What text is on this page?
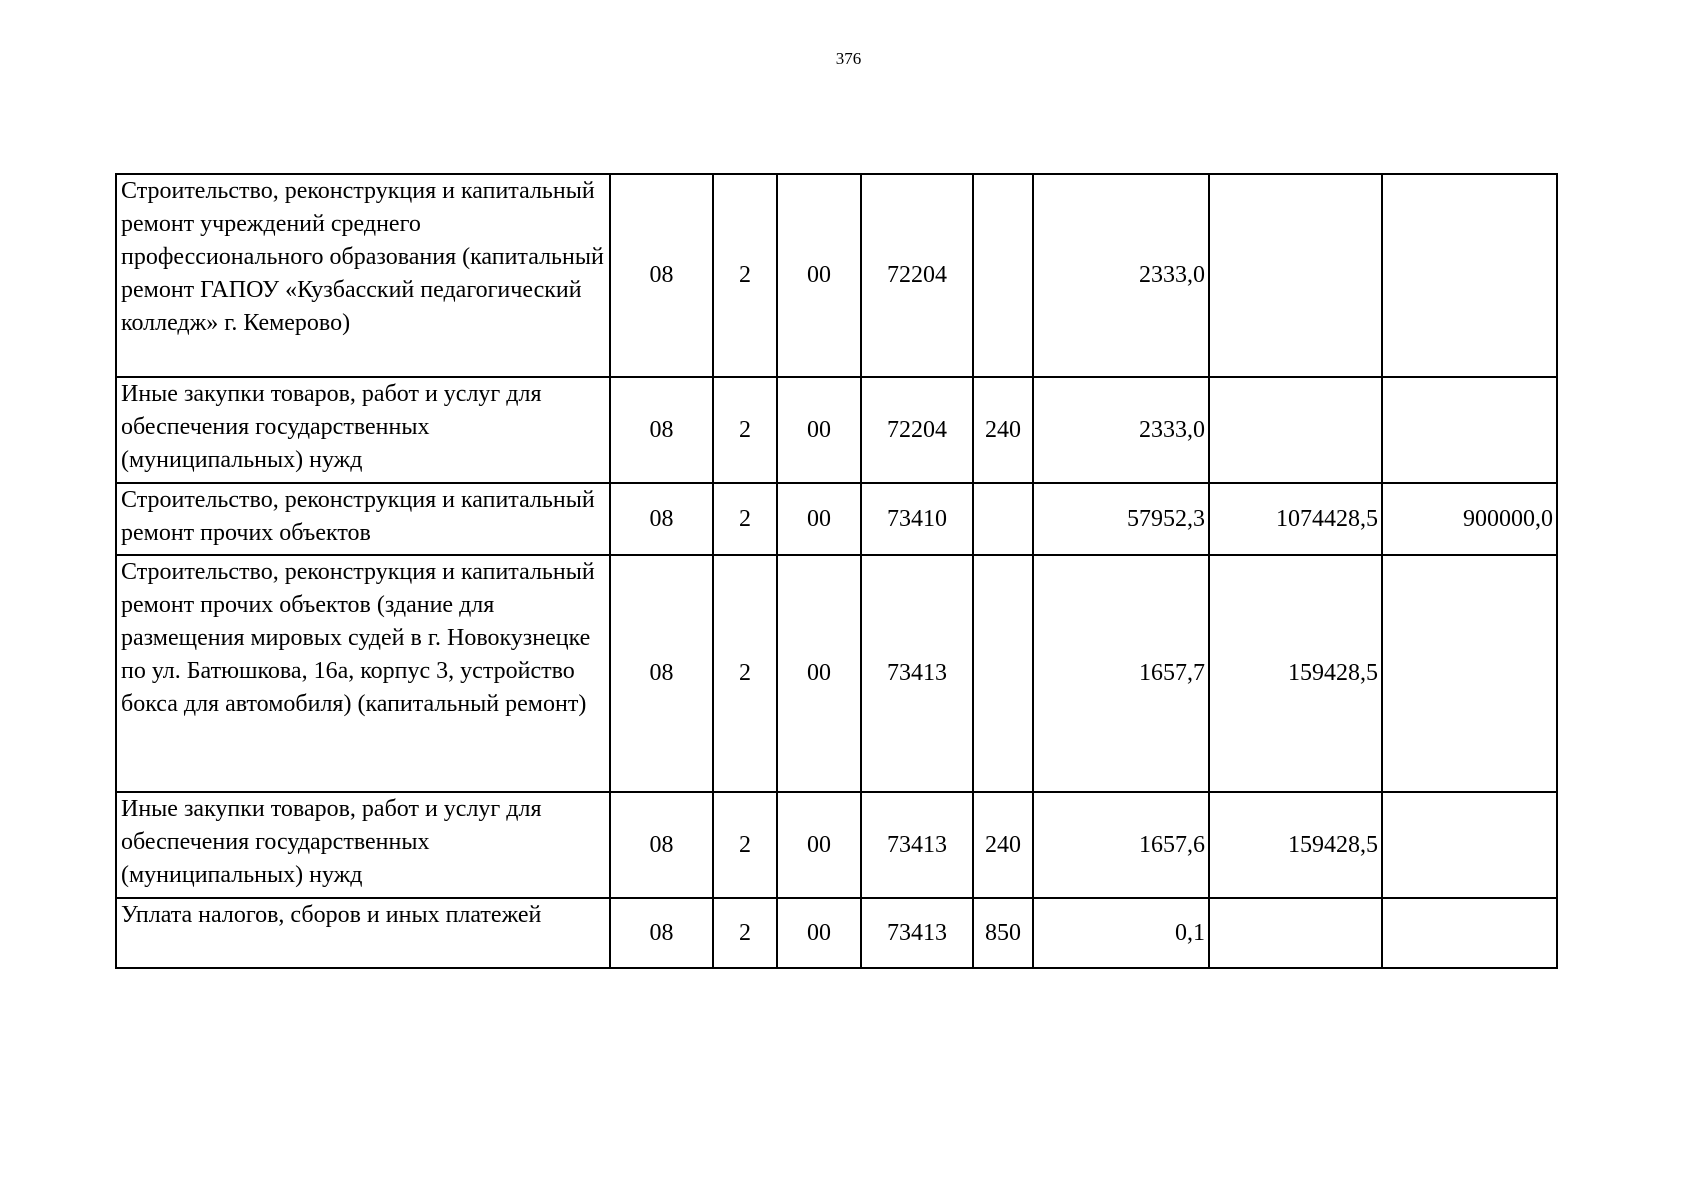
376
Строительство, реконструкция и капитальный ремонт учреждений среднего профессионального образования (капитальный ремонт ГАПОУ «Кузбасский педагогический колледж» г. Кемерово)	08	2	00	72204		2333,0		
Иные закупки товаров, работ и услуг для обеспечения государственных (муниципальных) нужд	08	2	00	72204	240	2333,0		
Строительство, реконструкция и капитальный ремонт прочих объектов	08	2	00	73410		57952,3	1074428,5	900000,0
Строительство, реконструкция и капитальный ремонт прочих объектов (здание для размещения мировых судей в г. Новокузнецке по ул. Батюшкова, 16а, корпус 3, устройство бокса для автомобиля) (капитальный ремонт)	08	2	00	73413		1657,7	159428,5	
Иные закупки товаров, работ и услуг для обеспечения государственных (муниципальных) нужд	08	2	00	73413	240	1657,6	159428,5	
Уплата налогов, сборов и иных платежей	08	2	00	73413	850	0,1		
